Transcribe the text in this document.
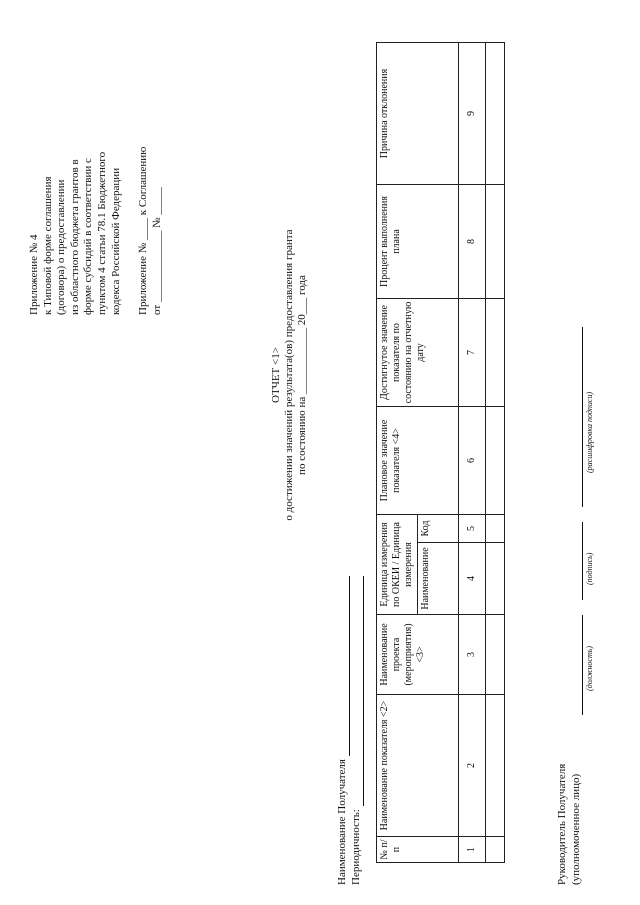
Приложение № 4 к Типовой форме соглашения (договора) о предоставлении из областного бюджета грантов в форме субсидий в соответствии с пунктом 4 статьи 78.1 Бюджетного кодекса Российской Федерации Приложение № ____ к Соглашению от _____________ № _____
ОТЧЕТ <1> о достижении значений результата(ов) предоставления гранта по состоянию на ____________ 20___ года
Наименование Получателя Периодичность: № п/п	Наименование показателя <2>	Наименование проекта (мероприятия) <3>	Единица измерения по ОКЕИ / Единица измерения		Плановое значение показателя <4>	Достигнутое значение показателя по состоянию на отчетную дату	Процент выполнения плана	Причина отклонения
			Наименование	Код				
1	2	3	4	5	6	7	8	9

Руководитель Получателя (уполномоченное лицо)
(должность)
(подпись)
(расшифровка подписи)
